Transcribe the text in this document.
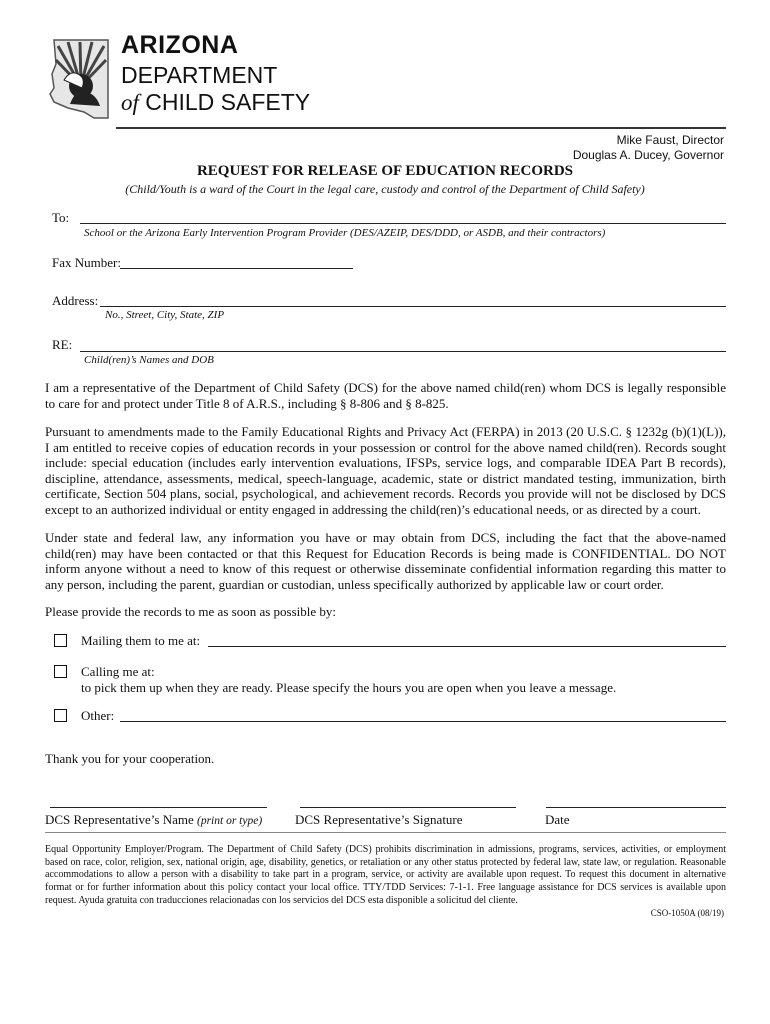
ARIZONA
DEPARTMENT
of CHILD SAFETY
Mike Faust, Director
Douglas A. Ducey, Governor
REQUEST FOR RELEASE OF EDUCATION RECORDS
(Child/Youth is a ward of the Court in the legal care, custody and control of the Department of Child Safety)
To:
School or the Arizona Early Intervention Program Provider (DES/AZEIP, DES/DDD, or ASDB, and their contractors)
Fax Number:
Address:
No., Street, City, State, ZIP
RE:
Child(ren)’s Names and DOB

I am a representative of the Department of Child Safety (DCS) for the above named child(ren) whom DCS is legally responsible to care for and protect under Title 8 of A.R.S., including § 8-806 and § 8-825.

Pursuant to amendments made to the Family Educational Rights and Privacy Act (FERPA) in 2013 (20 U.S.C. § 1232g (b)(1)(L)), I am entitled to receive copies of education records in your possession or control for the above named child(ren). Records sought include: special education (includes early intervention evaluations, IFSPs, service logs, and comparable IDEA Part B records), discipline, attendance, assessments, medical, speech-language, academic, state or district mandated testing, immunization, birth certificate, Section 504 plans, social, psychological, and achievement records. Records you provide will not be disclosed by DCS except to an authorized individual or entity engaged in addressing the child(ren)’s educational needs, or as directed by a court.

Under state and federal law, any information you have or may obtain from DCS, including the fact that the above-named child(ren) may have been contacted or that this Request for Education Records is being made is CONFIDENTIAL. DO NOT inform anyone without a need to know of this request or otherwise disseminate confidential information regarding this matter to any person, including the parent, guardian or custodian, unless specifically authorized by applicable law or court order.

Please provide the records to me as soon as possible by:

Mailing them to me at:
Calling me at:
to pick them up when they are ready. Please specify the hours you are open when you leave a message.
Other:
Thank you for your cooperation.
DCS Representative’s Name (print or type)	DCS Representative’s Signature	Date

Equal Opportunity Employer/Program. The Department of Child Safety (DCS) prohibits discrimination in admissions, programs, services, activities, or employment based on race, color, religion, sex, national origin, age, disability, genetics, or retaliation or any other status protected by federal law, state law, or regulation. Reasonable accommodations to allow a person with a disability to take part in a program, service, or activity are available upon request. To request this document in alternative format or for further information about this policy contact your local office. TTY/TDD Services: 7-1-1. Free language assistance for DCS services is available upon request. Ayuda gratuita con traducciones relacionadas con los servicios del DCS esta disponible a solicitud del cliente.

CSO-1050A (08/19)
